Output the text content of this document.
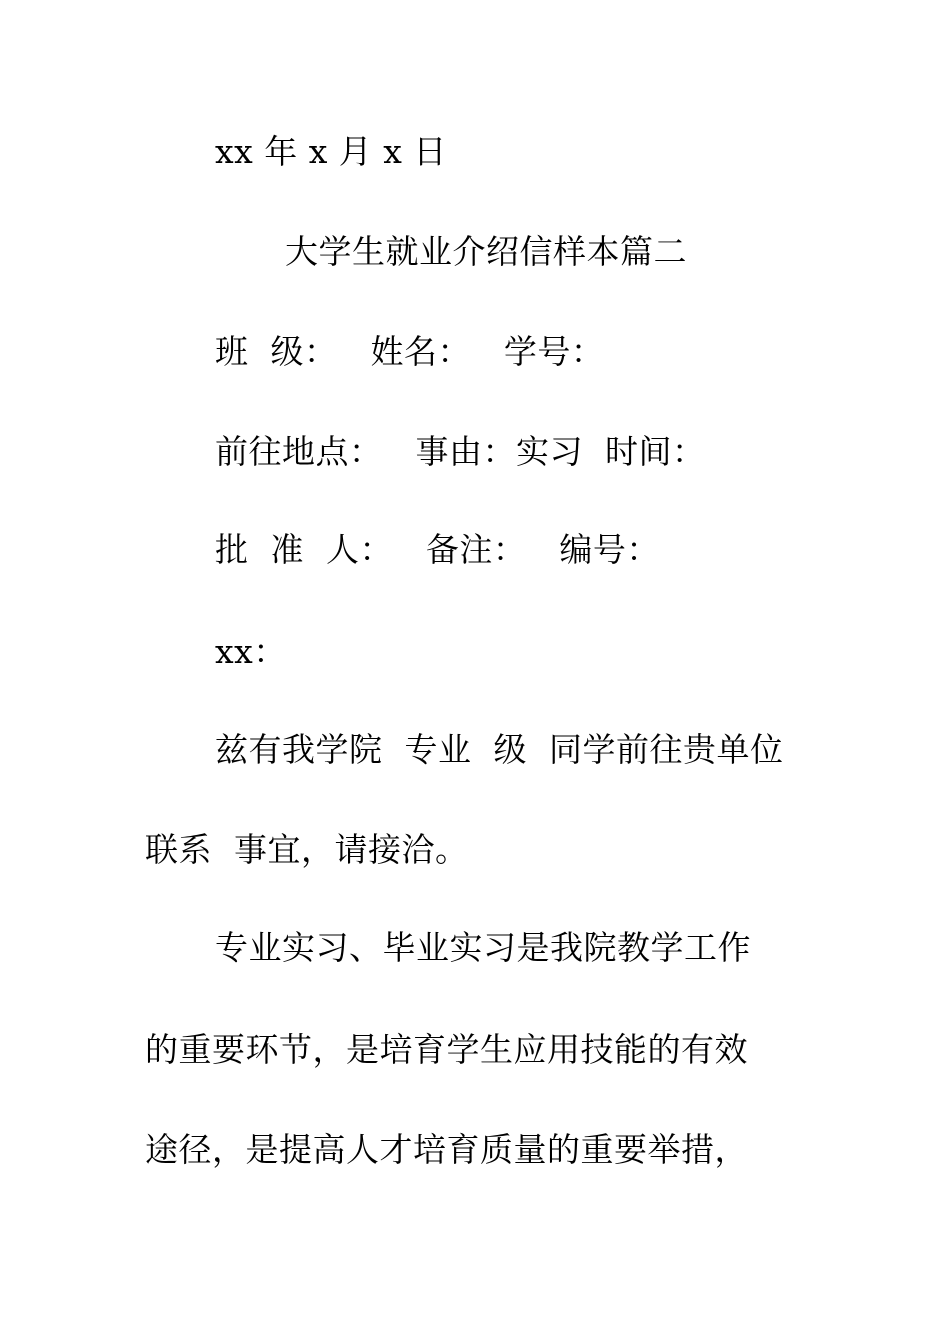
xx 年 x 月 x 日
大学生就业介绍信样本篇二
班  级：   姓名：   学号：
前往地点：   事由：实习  时间：
批  准  人：   备注：   编号：
xx：
兹有我学院  专业  级  同学前往贵单位
联系  事宜，请接洽。
专业实习、毕业实习是我院教学工作
的重要环节，是培育学生应用技能的有效
途径，是提高人才培育质量的重要举措，
